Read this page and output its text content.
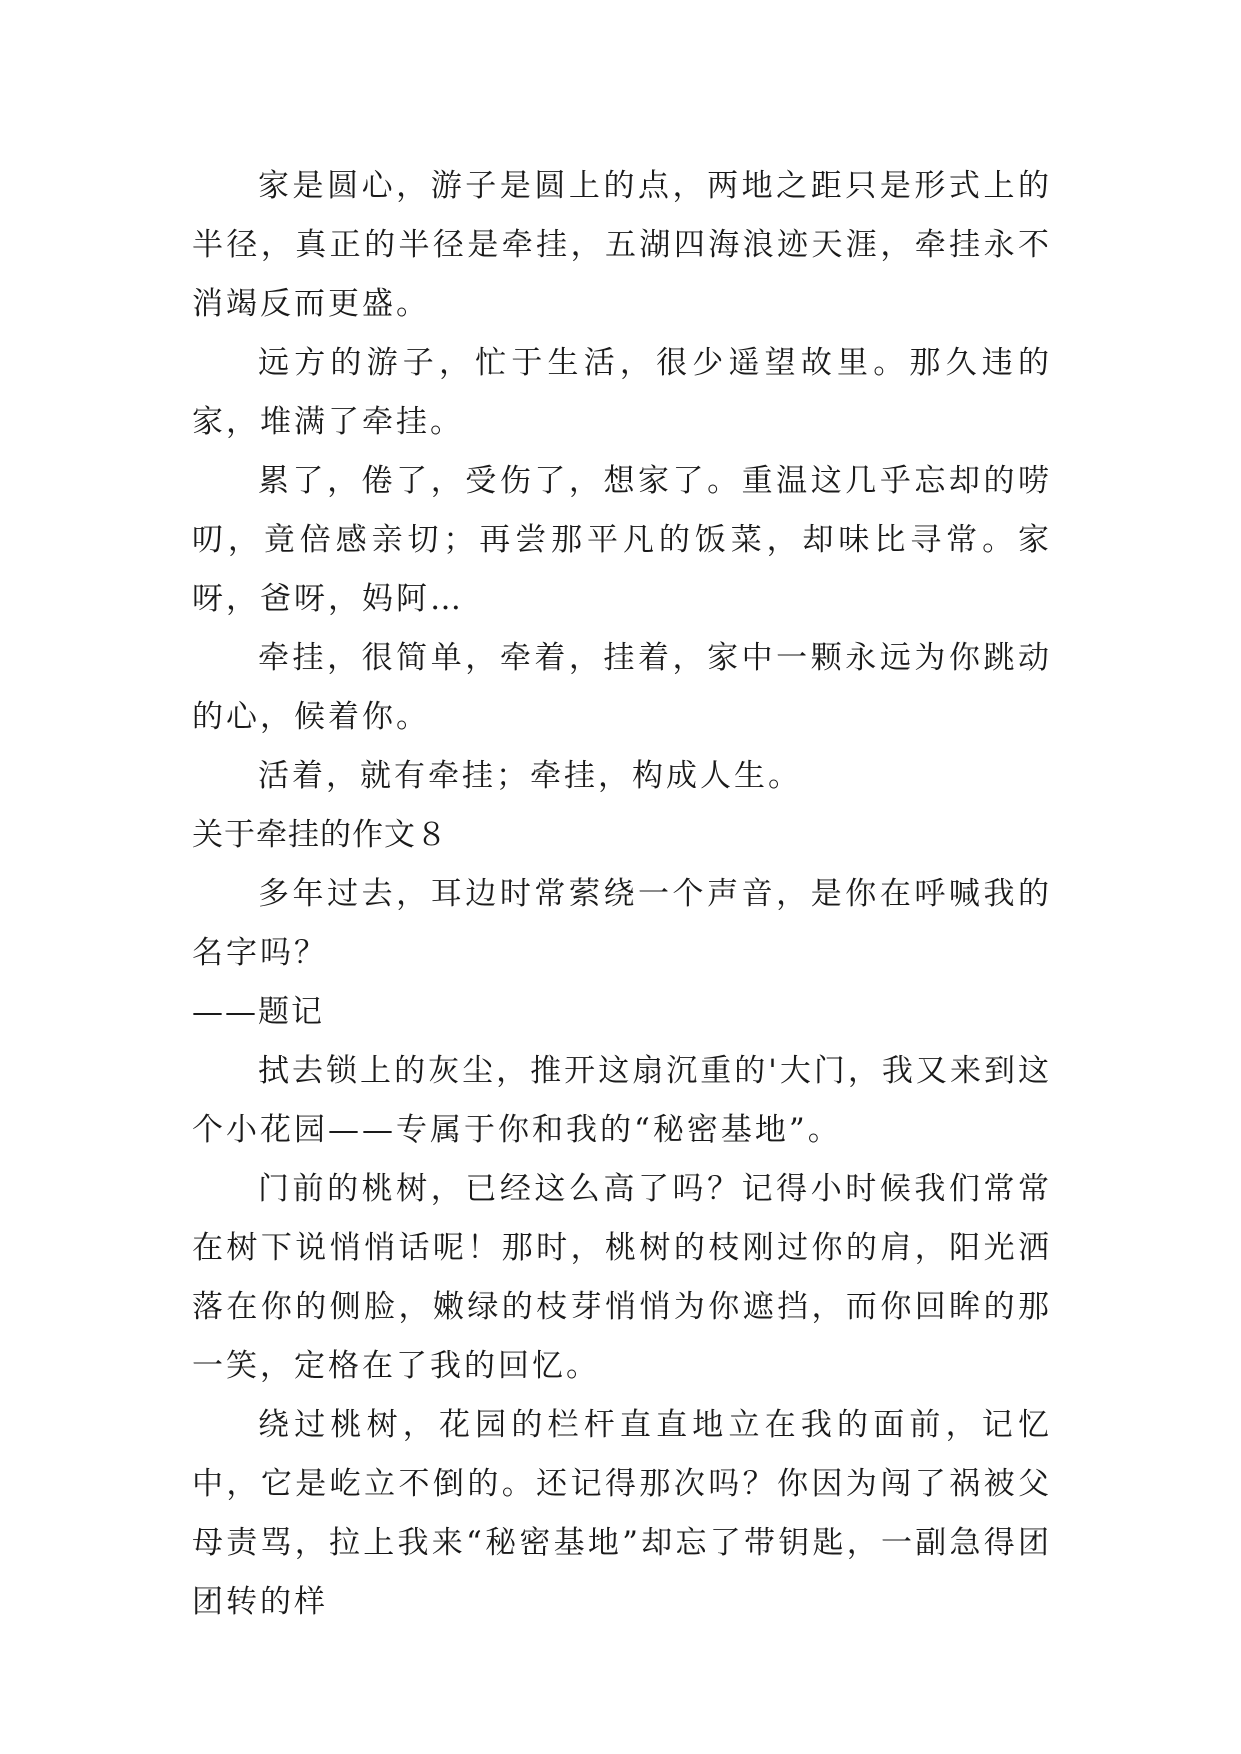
家是圆心，游子是圆上的点，两地之距只是形式上的半径，真正的半径是牵挂，五湖四海浪迹天涯，牵挂永不消竭反而更盛。

远方的游子，忙于生活，很少遥望故里。那久违的家，堆满了牵挂。

累了，倦了，受伤了，想家了。重温这几乎忘却的唠叨，竟倍感亲切；再尝那平凡的饭菜，却味比寻常。家呀，爸呀，妈阿…

牵挂，很简单，牵着，挂着，家中一颗永远为你跳动的心，候着你。

活着，就有牵挂；牵挂，构成人生。

关于牵挂的作文８

多年过去，耳边时常萦绕一个声音，是你在呼喊我的名字吗？

——题记

拭去锁上的灰尘，推开这扇沉重的'大门，我又来到这个小花园——专属于你和我的“秘密基地”。

门前的桃树，已经这么高了吗？记得小时候我们常常在树下说悄悄话呢！那时，桃树的枝刚过你的肩，阳光洒落在你的侧脸，嫩绿的枝芽悄悄为你遮挡，而你回眸的那一笑，定格在了我的回忆。

绕过桃树，花园的栏杆直直地立在我的面前，记忆中，它是屹立不倒的。还记得那次吗？你因为闯了祸被父母责骂，拉上我来“秘密基地”却忘了带钥匙，一副急得团团转的样
